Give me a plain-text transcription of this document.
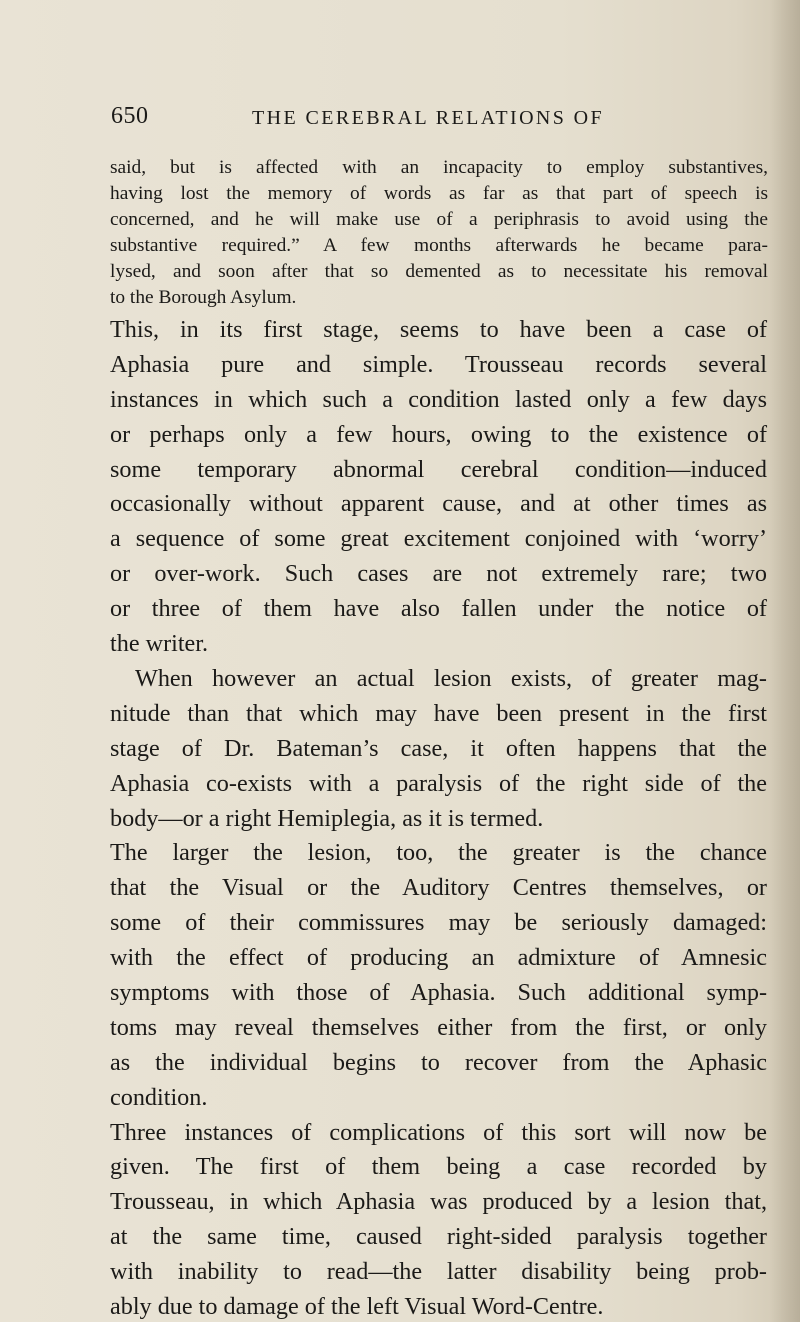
650	THE CEREBRAL RELATIONS OF
said, but is affected with an incapacity to employ substantives,
having lost the memory of words as far as that part of speech is
concerned, and he will make use of a periphrasis to avoid using the
substantive required.” A few months afterwards he became para-
lysed, and soon after that so demented as to necessitate his removal
to the Borough Asylum.
This, in its first stage, seems to have been a case of
Aphasia pure and simple. Trousseau records several
instances in which such a condition lasted only a few days
or perhaps only a few hours, owing to the existence of
some temporary abnormal cerebral condition—induced
occasionally without apparent cause, and at other times as
a sequence of some great excitement conjoined with ‘worry’
or over-work. Such cases are not extremely rare; two
or three of them have also fallen under the notice of
the writer.
When however an actual lesion exists, of greater mag-
nitude than that which may have been present in the first
stage of Dr. Bateman’s case, it often happens that the
Aphasia co-exists with a paralysis of the right side of the
body—or a right Hemiplegia, as it is termed.
The larger the lesion, too, the greater is the chance
that the Visual or the Auditory Centres themselves, or
some of their commissures may be seriously damaged:
with the effect of producing an admixture of Amnesic
symptoms with those of Aphasia. Such additional symp-
toms may reveal themselves either from the first, or only
as the individual begins to recover from the Aphasic
condition.
Three instances of complications of this sort will now be
given. The first of them being a case recorded by
Trousseau, in which Aphasia was produced by a lesion that,
at the same time, caused right-sided paralysis together
with inability to read—the latter disability being prob-
ably due to damage of the left Visual Word-Centre.
